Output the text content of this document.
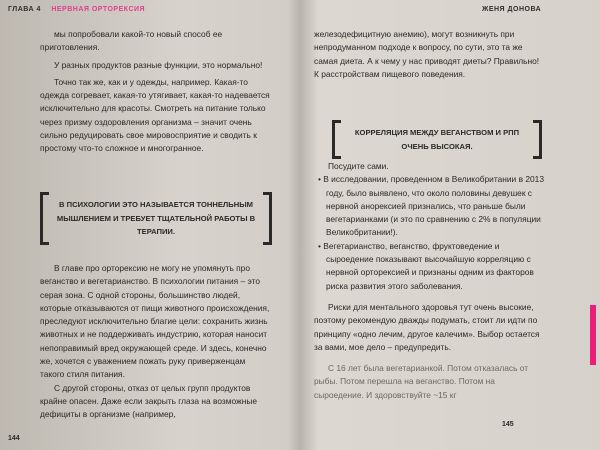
ГЛАВА 4 НЕРВНАЯ ОРТОРЕКСИЯ

мы попробовали какой-то новый способ ее приготовления.

У разных продуктов разные функции, это нормально!

Точно так же, как и у одежды, например. Какая-то одежда согревает, какая-то утягивает, какая-то надевается исключительно для красоты. Смотреть на питание только через призму оздоровления организма – значит очень сильно редуцировать свое мировосприятие и сводить к простому что-то сложное и многогранное.

В ПСИХОЛОГИИ ЭТО НАЗЫВАЕТСЯ ТОННЕЛЬНЫМ МЫШЛЕНИЕМ И ТРЕБУЕТ ТЩАТЕЛЬНОЙ РАБОТЫ В ТЕРАПИИ.

В главе про орторексию не могу не упомянуть про веганство и вегетарианство. В психологии питания – это серая зона. С одной стороны, большинство людей, которые отказываются от пищи животного происхождения, преследуют исключительно благие цели: сохранить жизнь животных и не поддерживать индустрию, которая наносит непоправимый вред окружающей среде. И здесь, конечно же, хочется с уважением пожать руку приверженцам такого стиля питания.

С другой стороны, отказ от целых групп продуктов крайне опасен. Даже если закрыть глаза на возможные дефициты в организме (например,

144
ЖЕНЯ ДОНОВА

железодефицитную анемию), могут возникнуть при непродуманном подходе к вопросу, по сути, это та же самая диета. А к чему у нас приводят диеты? Правильно! К расстройствам пищевого поведения.

КОРРЕЛЯЦИЯ МЕЖДУ ВЕГАНСТВОМ И РПП ОЧЕНЬ ВЫСОКАЯ.

Посудите сами.

• В исследовании, проведенном в Великобритании в 2013 году, было выявлено, что около половины девушек с нервной анорексией признались, что раньше были вегетарианками (и это по сравнению с 2% в популяции Великобритании!).

• Вегетарианство, веганство, фруктоведение и сыроедение показывают высочайшую корреляцию с нервной орторексией и признаны одним из факторов риска развития этого заболевания.

Риски для ментального здоровья тут очень высокие, поэтому рекомендую дважды подумать, стоит ли идти по принципу «одно лечим, другое калечим». Выбор остается за вами, мое дело – предупредить.

С 16 лет была вегетарианкой. Потом отказалась от рыбы. Потом перешла на веганство. Потом на сыроедение. И здоровствуйте ~15 кг

145
